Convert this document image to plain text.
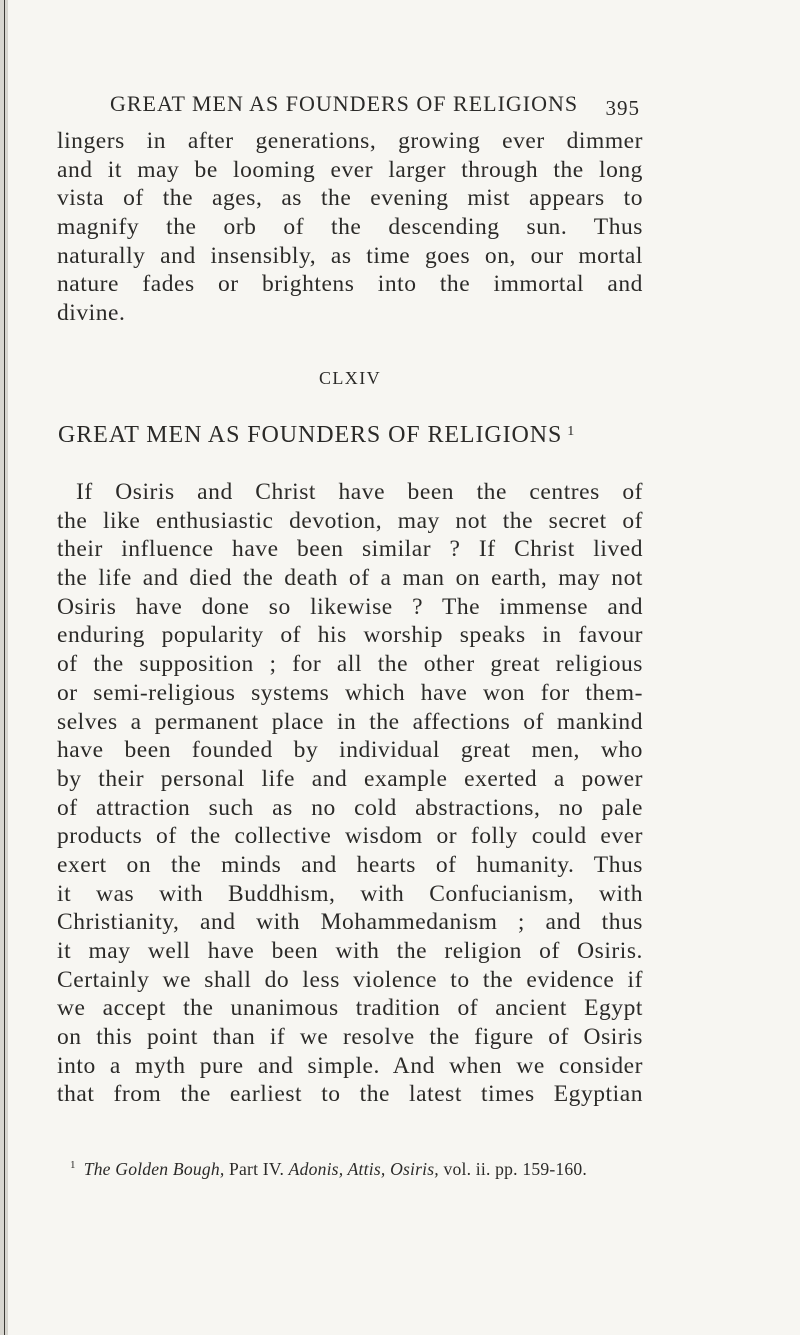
GREAT MEN AS FOUNDERS OF RELIGIONS 395
lingers in after generations, growing ever dimmer
and it may be looming ever larger through the long
vista of the ages, as the evening mist appears to
magnify the orb of the descending sun. Thus
naturally and insensibly, as time goes on, our mortal
nature fades or brightens into the immortal and
divine.
CLXIV
GREAT MEN AS FOUNDERS OF RELIGIONS $^1$
If Osiris and Christ have been the centres of
the like enthusiastic devotion, may not the secret of
their influence have been similar ? If Christ lived
the life and died the death of a man on earth, may not
Osiris have done so likewise ? The immense and
enduring popularity of his worship speaks in favour
of the supposition ; for all the other great religious
or semi-religious systems which have won for them-
selves a permanent place in the affections of mankind
have been founded by individual great men, who
by their personal life and example exerted a power
of attraction such as no cold abstractions, no pale
products of the collective wisdom or folly could ever
exert on the minds and hearts of humanity. Thus
it was with Buddhism, with Confucianism, with
Christianity, and with Mohammedanism ; and thus
it may well have been with the religion of Osiris.
Certainly we shall do less violence to the evidence if
we accept the unanimous tradition of ancient Egypt
on this point than if we resolve the figure of Osiris
into a myth pure and simple. And when we consider
that from the earliest to the latest times Egyptian
$^1$ The Golden Bough, Part IV. Adonis, Attis, Osiris, vol. ii. pp. 159-160.
